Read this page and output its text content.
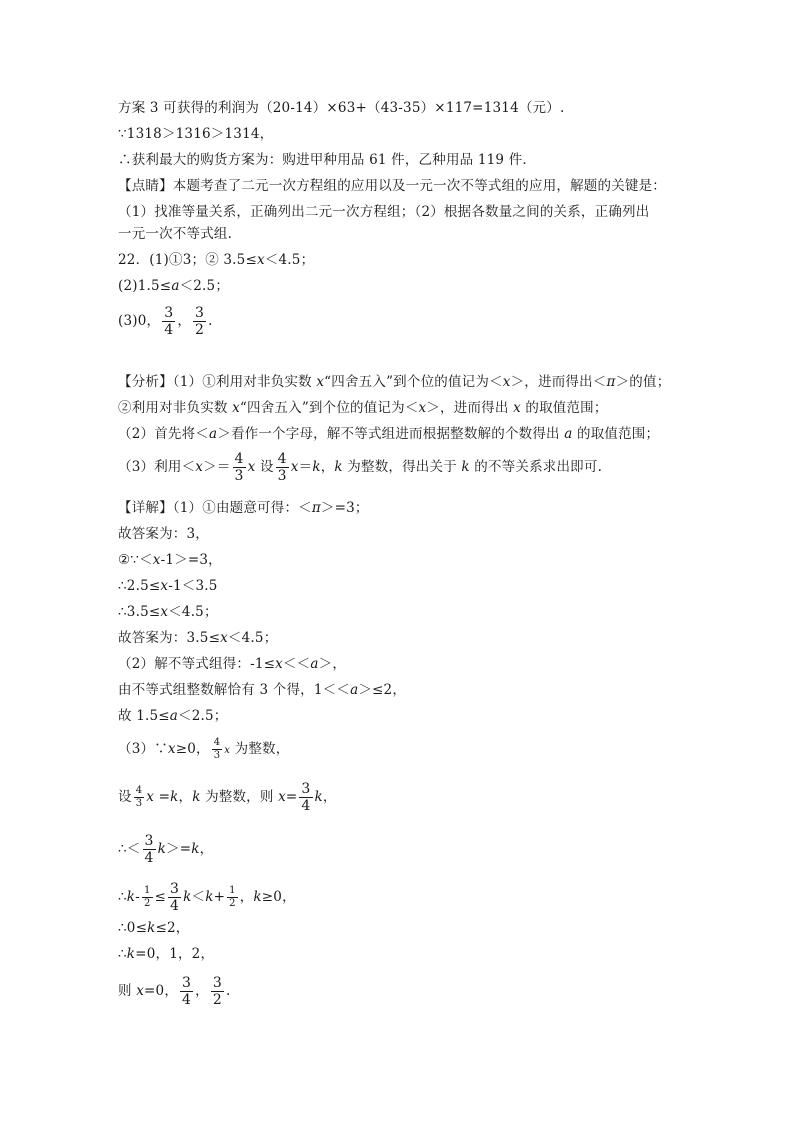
方案 3 可获得的利润为（20-14）×63+（43-35）×117=1314（元）.
∵1318＞1316＞1314，
∴获利最大的购货方案为：购进甲种用品 61 件，乙种用品 119 件.
【点睛】本题考查了二元一次方程组的应用以及一元一次不等式组的应用，解题的关键是：
（1）找准等量关系，正确列出二元一次方程组；（2）根据各数量之间的关系，正确列出
一元一次不等式组.
22．(1)①3；② 3.5≤x＜4.5；
(2)1.5≤a＜2.5；
(3)0， $\frac{3}{4}$ ， $\frac{3}{2}$ .
【分析】（1）①利用对非负实数 x“四舍五入”到个位的值记为＜x＞，进而得出＜π＞的值；
②利用对非负实数 x“四舍五入”到个位的值记为＜x＞，进而得出 x 的取值范围；
（2）首先将＜a＞看作一个字母，解不等式组进而根据整数解的个数得出 a 的取值范围；
（3）利用$<x>= \frac{4}{3}$ x 设 $\frac{4}{3} x=k$，k 为整数，得出关于 k 的不等关系求出即可.
【详解】（1）①由题意可得：＜π＞=3；
故答案为：3，
②∵＜x-1＞=3，
∴2.5≤x-1＜3.5
∴3.5≤x＜4.5；
故答案为：3.5≤x＜4.5；
（2）解不等式组得：-1≤x＜＜a＞，
由不等式组整数解恰有 3 个得，1＜＜a＞≤2，
故 1.5≤a＜2.5；
（3）∵x≥0， $\frac{4}{3}$ x 为整数，
设 $\frac{4}{3}$ x =k，k 为整数，则 $x= \frac{3}{4}$ k，
∴＜ $\frac{3}{4} k>=k$，
∴k- $\frac{1}{2} \le \frac{3}{4} k<k+ \frac{1}{2}$ ，k≥0，
∴0≤k≤2，
∴k=0，1，2，
则 x=0， $\frac{3}{4}$ ， $\frac{3}{2}$ .
